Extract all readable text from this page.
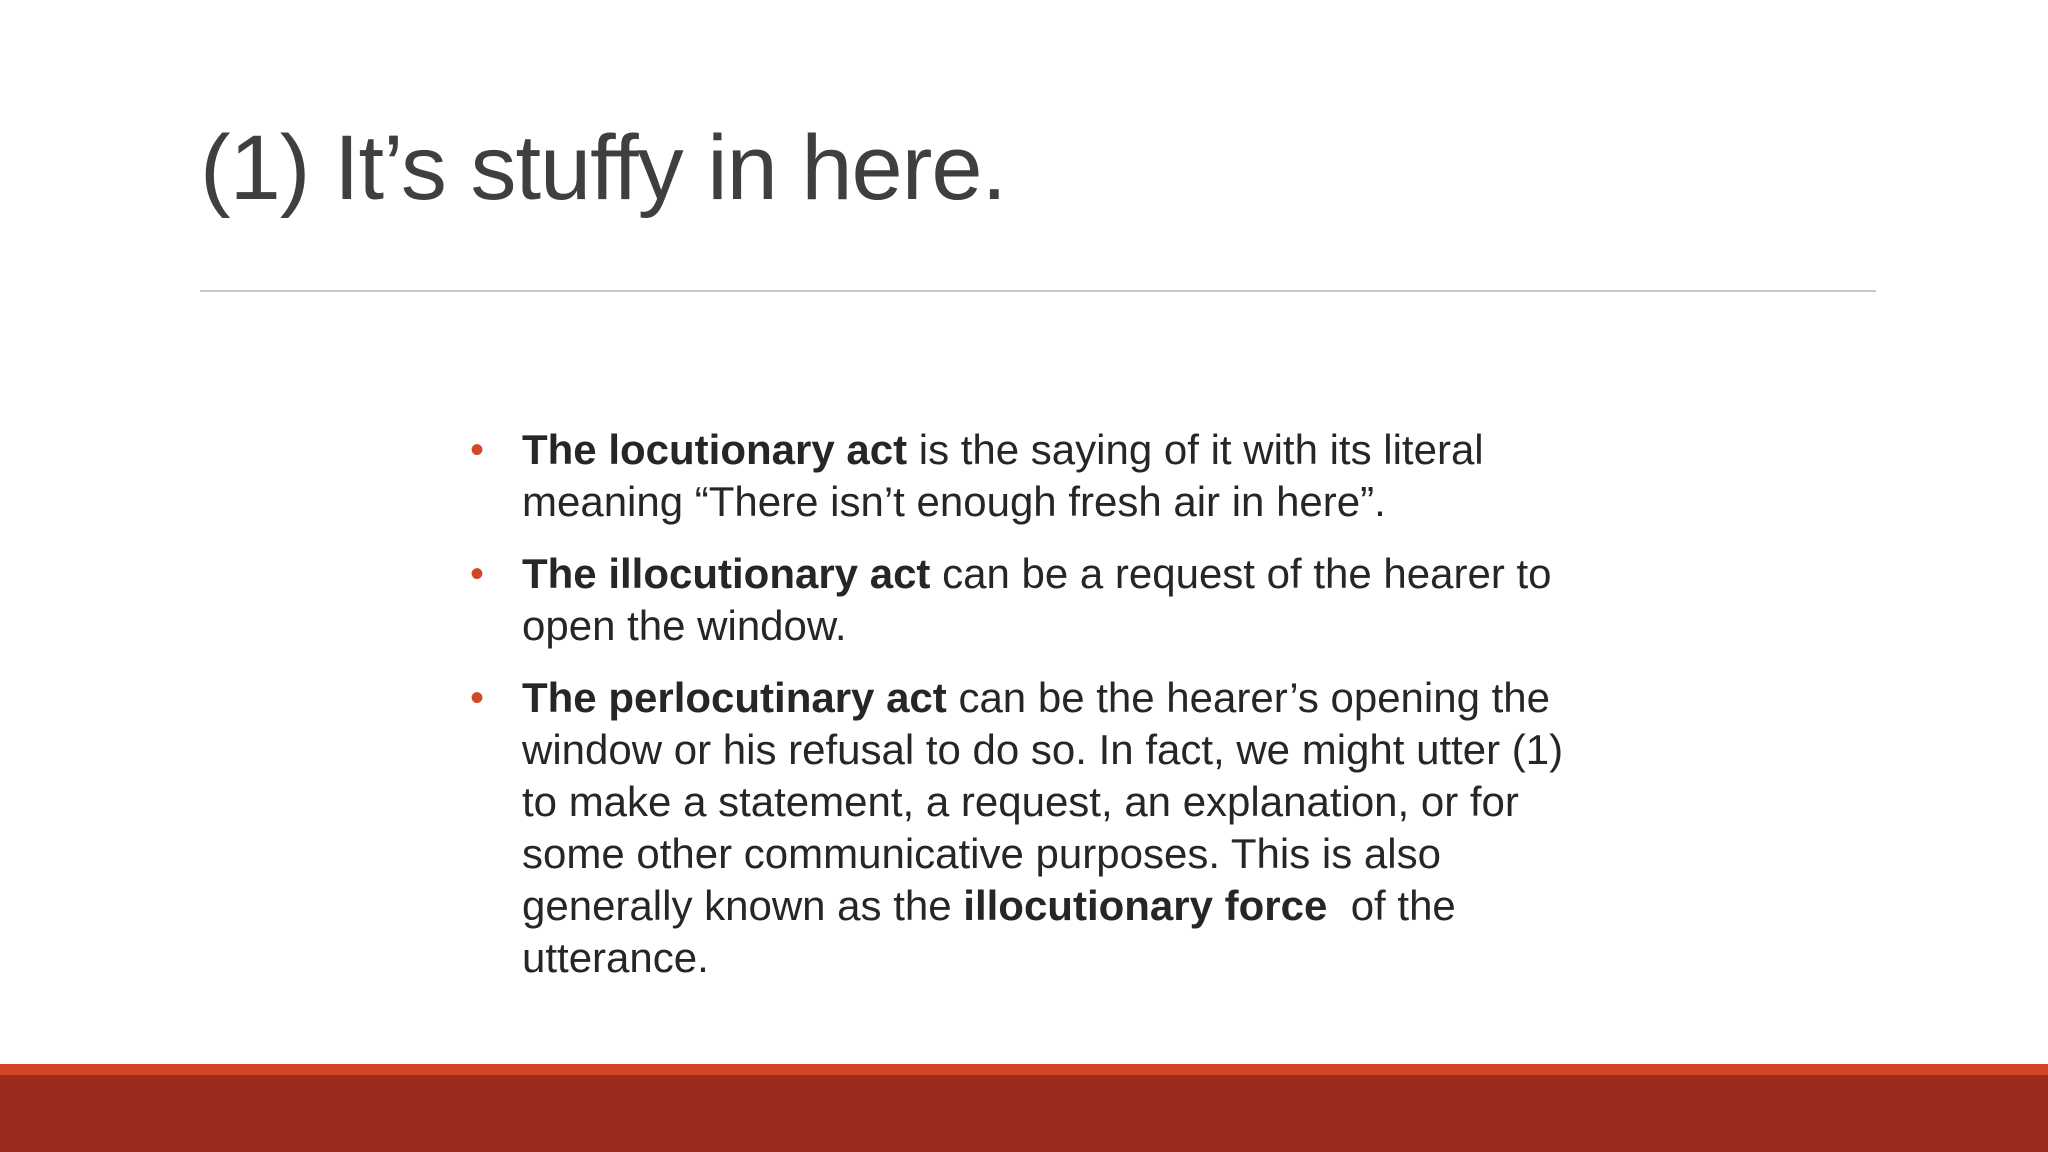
(1) It’s stuffy in here.
• The locutionary act is the saying of it with its literal meaning “There isn’t enough fresh air in here”.
• The illocutionary act can be a request of the hearer to open the window.
• The perlocutinary act can be the hearer’s opening the window or his refusal to do so. In fact, we might utter (1) to make a statement, a request, an explanation, or for some other communicative purposes. This is also generally known as the illocutionary force  of the utterance.
